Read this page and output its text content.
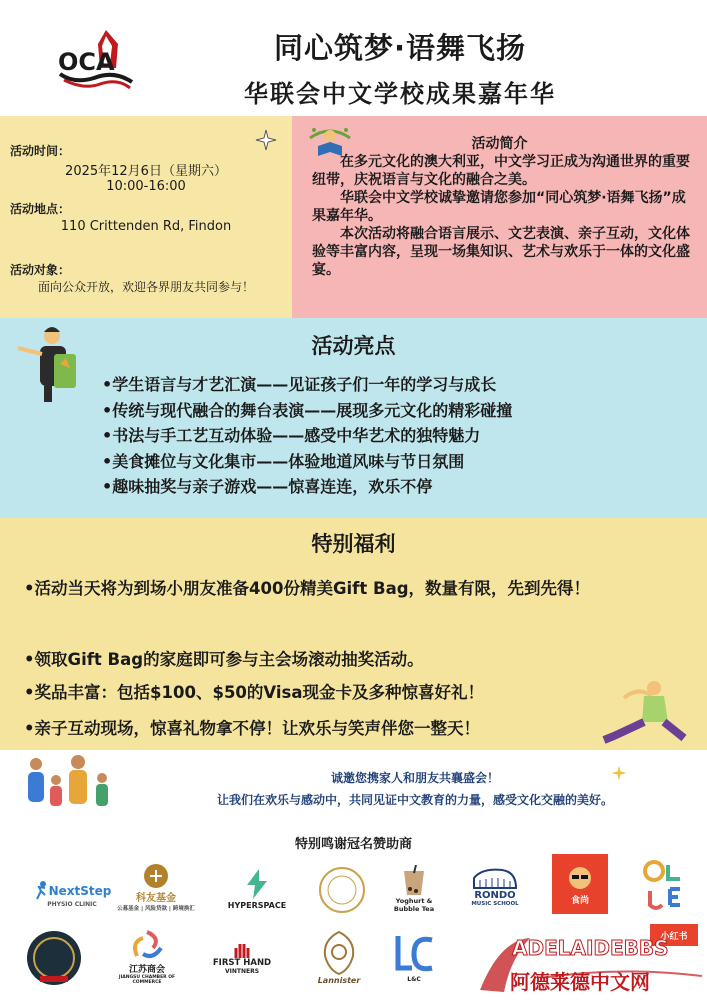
OCA	同心筑梦·语舞飞扬
华联会中文学校成果嘉年华
活动时间：
2025年12月6日（星期六）
10:00-16:00
活动地点：
110 Crittenden Rd, Findon
活动对象：
面向公众开放，欢迎各界朋友共同参与！
活动简介

在多元文化的澳大利亚，中文学习正成为沟通世界的重要纽带，庆祝语言与文化的融合之美。

华联会中文学校诚挚邀请您参加“同心筑梦·语舞飞扬”成果嘉年华。

本次活动将融合语言展示、文艺表演、亲子互动，文化体验等丰富内容，呈现一场集知识、艺术与欢乐于一体的文化盛宴。

活动亮点
•学生语言与才艺汇演——见证孩子们一年的学习与成长
•传统与现代融合的舞台表演——展现多元文化的精彩碰撞
•书法与手工艺互动体验——感受中华艺术的独特魅力
•美食摊位与文化集市——体验地道风味与节日氛围
•趣味抽奖与亲子游戏——惊喜连连，欢乐不停
特别福利
•活动当天将为到场小朋友准备400份精美Gift Bag，数量有限，先到先得！
•领取Gift Bag的家庭即可参与主会场滚动抽奖活动。
•奖品丰富：包括$100、$50的Visa现金卡及多种惊喜好礼！
•亲子互动现场，惊喜礼物拿不停！让欢乐与笑声伴您一整天！
诚邀您携家人和朋友共襄盛会！
让我们在欢乐与感动中，共同见证中文教育的力量，感受文化交融的美好。
特别鸣谢冠名赞助商
NextStep
PHYSIO CLINIC
科友基金
公募基金 | 风险贷款 | 跨境换汇	HYPERSPACE	Yoghurt & Bubble Tea
RONDO
MUSIC SCHOOL	食尚
江苏商会
JIANGSU CHAMBER OF COMMERCE
FIRST HAND
VINTNERS
Lannister	L&C
小红书
ADELAIDEBBS
阿德莱德中文网
